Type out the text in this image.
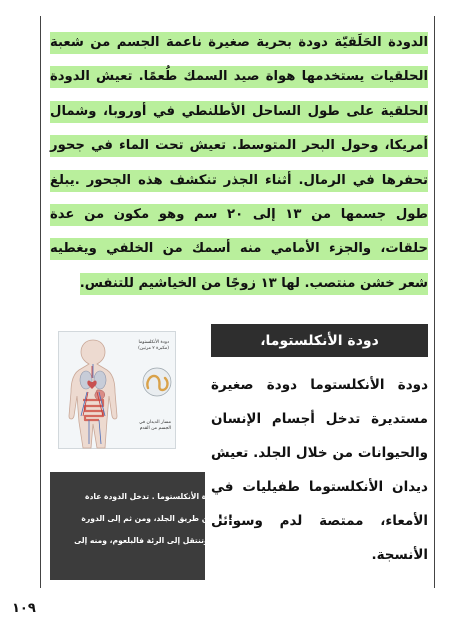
الدودة الحَلَقيّة دودة بحرية صغيرة ناعمة الجسم من شعبة الحلقيات يستخدمها هواة صيد السمك طُعمًا. تعيش الدودة الحلقية على طول الساحل الأطلنطي في أوروبا، وشمال أمريكا، وحول البحر المتوسط. تعيش تحت الماء في جحور تحفرها في الرمال. أثناء الجذر تنكشف هذه الجحور .يبلغ طول جسمها من ١٣ إلى ٢٠ سم وهو مكون من عدة حلقات، والجزء الأمامي منه أسمك من الخلفي ويغطيه شعر خشن منتصب. لها ١٣ زوجًا من الخياشيم للتنفس.
دودة الأنكلستوما (مكبرة ٢ مرتين)
مسار الديدان في الجسم من القدم
دودة الأنكلستوما،
دودة الأنكلستوما دودة صغيرة مستديرة تدخل أجسام الإنسان والحيوانات من خلال الجلد. تعيش ديدان الأنكلستوما طفيليات في الأمعاء، ممتصة لدم وسوائل الأنسجة.
مسار دودة الأنكلستوما . تدخل الدودة عادة الجسم عن طريق الجلد، ومن ثم إلى الدورة الدموية، وتنتقل إلى الرئة فالبلعوم، ومنه إلى الأمعاء.
١٠٩
